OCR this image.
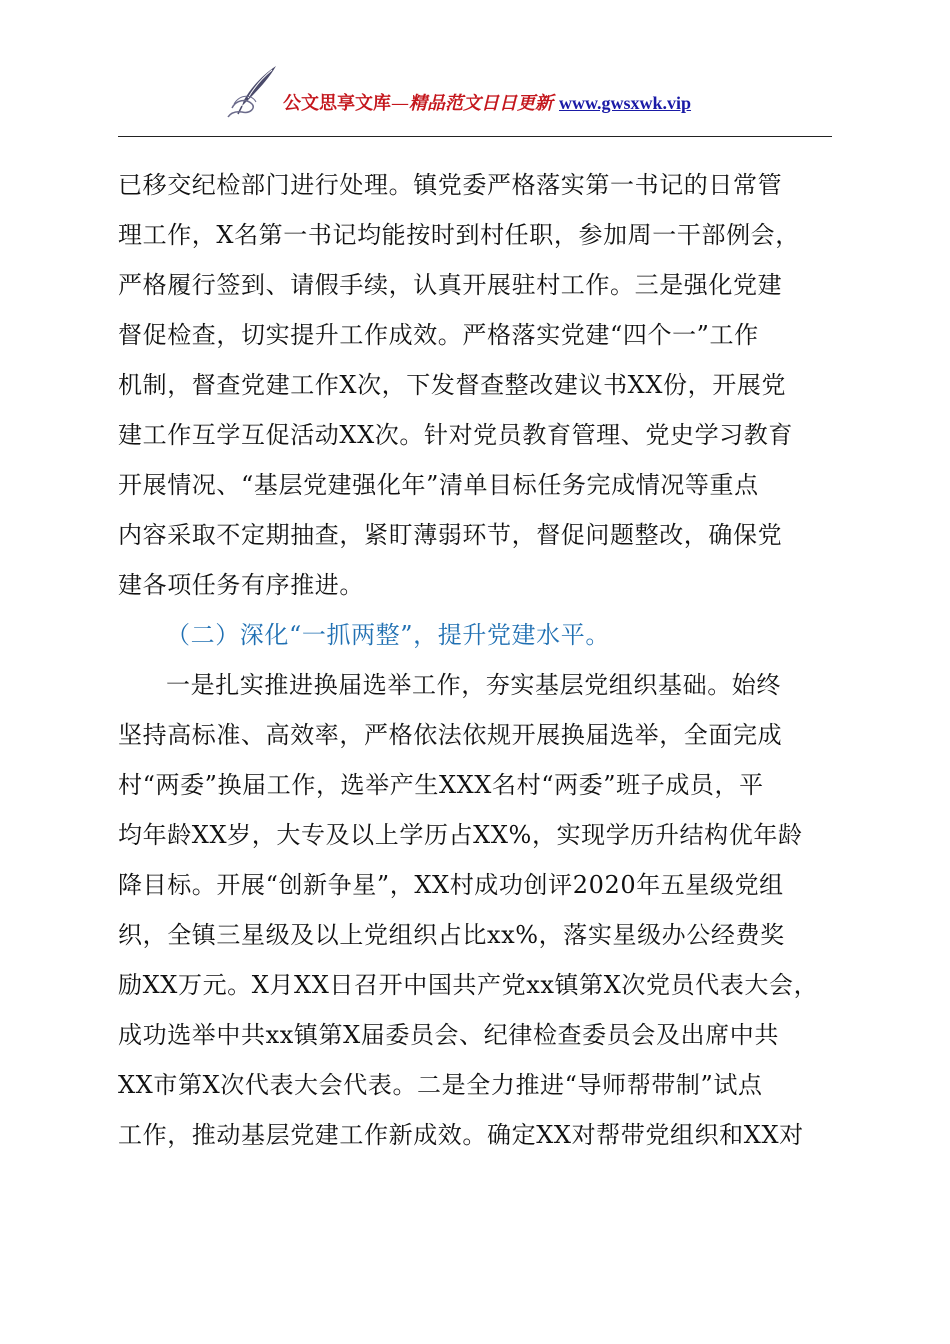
公文思享文库—精品范文日日更新 www.gwsxwk.vip
已移交纪检部门进行处理。镇党委严格落实第一书记的日常管
理工作，X名第一书记均能按时到村任职，参加周一干部例会，
严格履行签到、请假手续，认真开展驻村工作。三是强化党建
督促检查，切实提升工作成效。严格落实党建“四个一”工作
机制，督查党建工作X次，下发督查整改建议书XX份，开展党
建工作互学互促活动XX次。针对党员教育管理、党史学习教育
开展情况、“基层党建强化年”清单目标任务完成情况等重点
内容采取不定期抽查，紧盯薄弱环节，督促问题整改，确保党
建各项任务有序推进。
（二）深化“一抓两整”，提升党建水平。
一是扎实推进换届选举工作，夯实基层党组织基础。始终
坚持高标准、高效率，严格依法依规开展换届选举，全面完成
村“两委”换届工作，选举产生XXX名村“两委”班子成员，平
均年龄XX岁，大专及以上学历占XX%，实现学历升结构优年龄
降目标。开展“创新争星”，XX村成功创评2020年五星级党组
织，全镇三星级及以上党组织占比xx%，落实星级办公经费奖
励XX万元。X月XX日召开中国共产党xx镇第X次党员代表大会，
成功选举中共xx镇第X届委员会、纪律检查委员会及出席中共
XX市第X次代表大会代表。二是全力推进“导师帮带制”试点
工作，推动基层党建工作新成效。确定XX对帮带党组织和XX对
